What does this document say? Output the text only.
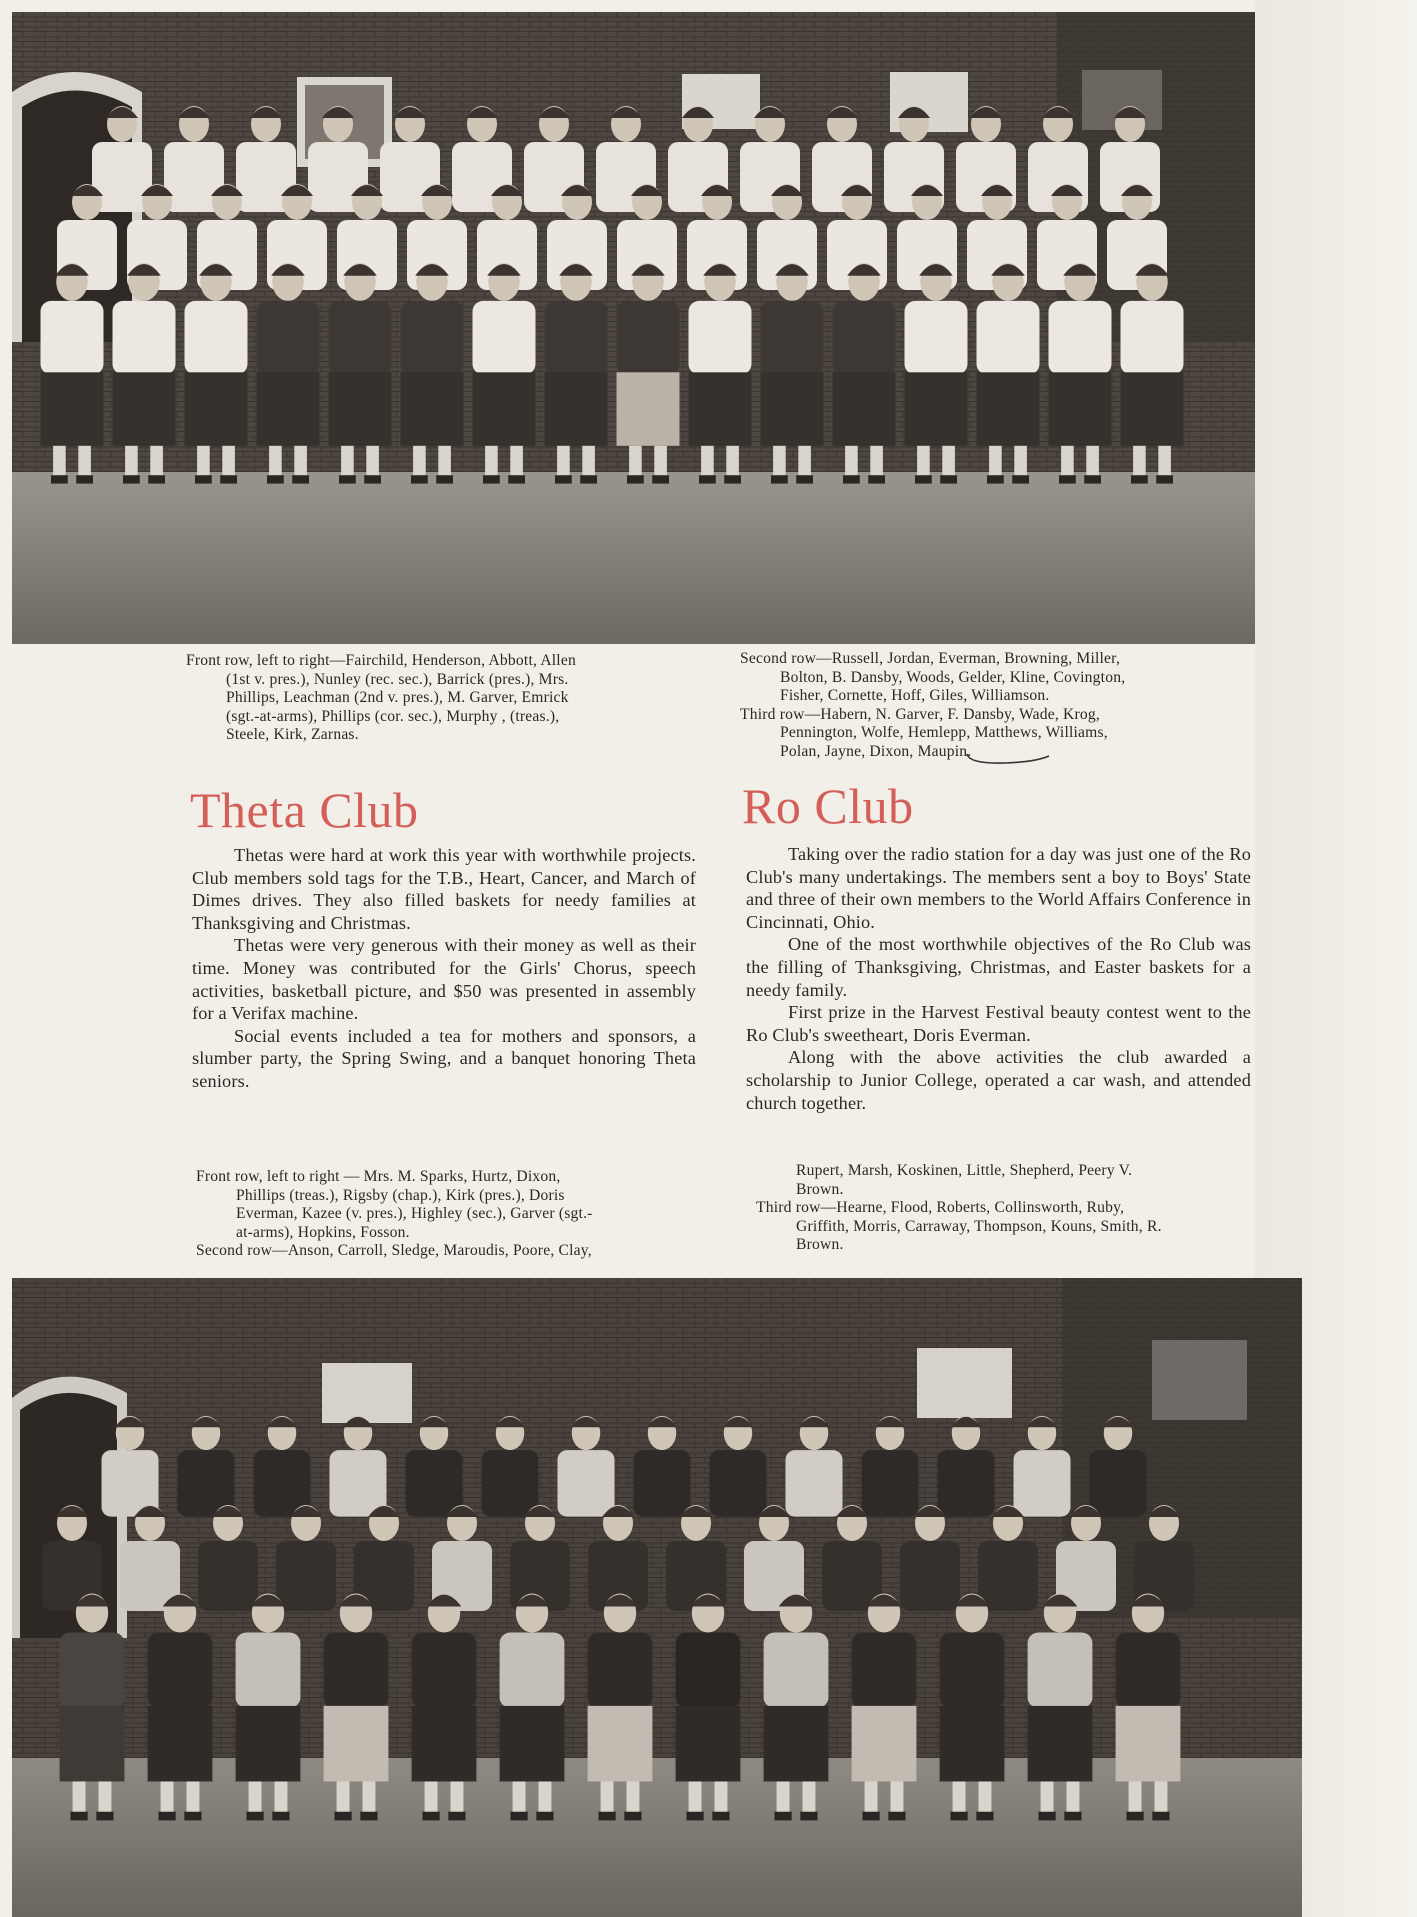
Front row, left to right—Fairchild, Henderson, Abbott, Allen

(1st v. pres.), Nunley (rec. sec.), Barrick (pres.), Mrs.

Phillips, Leachman (2nd v. pres.), M. Garver, Emrick

(sgt.-at-arms), Phillips (cor. sec.), Murphy , (treas.),

Steele, Kirk, Zarnas.

Second row—Russell, Jordan, Everman, Browning, Miller,

Bolton, B. Dansby, Woods, Gelder, Kline, Covington,

Fisher, Cornette, Hoff, Giles, Williamson.

Third row—Habern, N. Garver, F. Dansby, Wade, Krog,

Pennington, Wolfe, Hemlepp, Matthews, Williams,

Polan, Jayne, Dixon, Maupin.

Theta Club	Ro Club

Thetas were hard at work this year with worthwhile projects. Club members sold tags for the T.B., Heart, Cancer, and March of Dimes drives. They also filled baskets for needy families at Thanksgiving and Christmas.

Thetas were very generous with their money as well as their time. Money was contributed for the Girls' Chorus, speech activities, basketball picture, and $50 was presented in assembly for a Verifax machine.

Social events included a tea for mothers and sponsors, a slumber party, the Spring Swing, and a banquet honoring Theta seniors.

Taking over the radio station for a day was just one of the Ro Club's many undertakings. The members sent a boy to Boys' State and three of their own members to the World Affairs Conference in Cincinnati, Ohio.

One of the most worthwhile objectives of the Ro Club was the filling of Thanksgiving, Christmas, and Easter baskets for a needy family.

First prize in the Harvest Festival beauty contest went to the Ro Club's sweetheart, Doris Everman.

Along with the above activities the club awarded a scholarship to Junior College, operated a car wash, and attended church together.

Front row, left to right — Mrs. M. Sparks, Hurtz, Dixon,

Phillips (treas.), Rigsby (chap.), Kirk (pres.), Doris

Everman, Kazee (v. pres.), Highley (sec.), Garver (sgt.-

at-arms), Hopkins, Fosson.

Second row—Anson, Carroll, Sledge, Maroudis, Poore, Clay,

Rupert, Marsh, Koskinen, Little, Shepherd, Peery V.

Brown.

Third row—Hearne, Flood, Roberts, Collinsworth, Ruby,

Griffith, Morris, Carraway, Thompson, Kouns, Smith, R.

Brown.
